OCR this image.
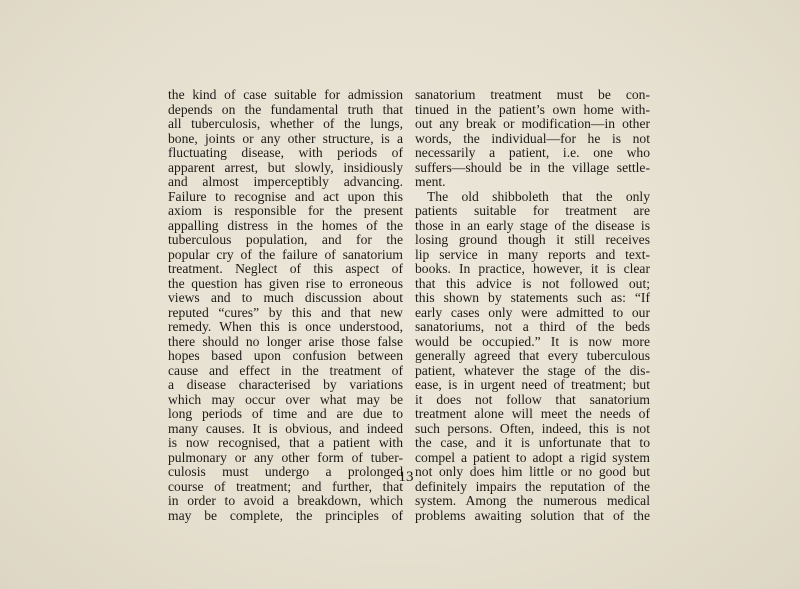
the kind of case suitable for admission
depends on the fundamental truth that
all tuberculosis, whether of the lungs,
bone, joints or any other structure, is a
fluctuating disease, with periods of
apparent arrest, but slowly, insidiously
and almost imperceptibly advancing.
Failure to recognise and act upon this
axiom is responsible for the present
appalling distress in the homes of the
tuberculous population, and for the
popular cry of the failure of sanatorium
treatment. Neglect of this aspect of
the question has given rise to erroneous
views and to much discussion about
reputed “cures” by this and that new
remedy. When this is once understood,
there should no longer arise those false
hopes based upon confusion between
cause and effect in the treatment of
a disease characterised by variations
which may occur over what may be
long periods of time and are due to
many causes. It is obvious, and indeed
is now recognised, that a patient with
pulmonary or any other form of tuber-
culosis must undergo a prolonged
course of treatment; and further, that
in order to avoid a breakdown, which
may be complete, the principles of
sanatorium treatment must be con-
tinued in the patient’s own home with-
out any break or modification—in other
words, the individual—for he is not
necessarily a patient, i.e. one who
suffers—should be in the village settle-
ment.
The old shibboleth that the only
patients suitable for treatment are
those in an early stage of the disease is
losing ground though it still receives
lip service in many reports and text-
books. In practice, however, it is clear
that this advice is not followed out;
this shown by statements such as: “If
early cases only were admitted to our
sanatoriums, not a third of the beds
would be occupied.” It is now more
generally agreed that every tuberculous
patient, whatever the stage of the dis-
ease, is in urgent need of treatment; but
it does not follow that sanatorium
treatment alone will meet the needs of
such persons. Often, indeed, this is not
the case, and it is unfortunate that to
compel a patient to adopt a rigid system
not only does him little or no good but
definitely impairs the reputation of the
system. Among the numerous medical
problems awaiting solution that of the
13
